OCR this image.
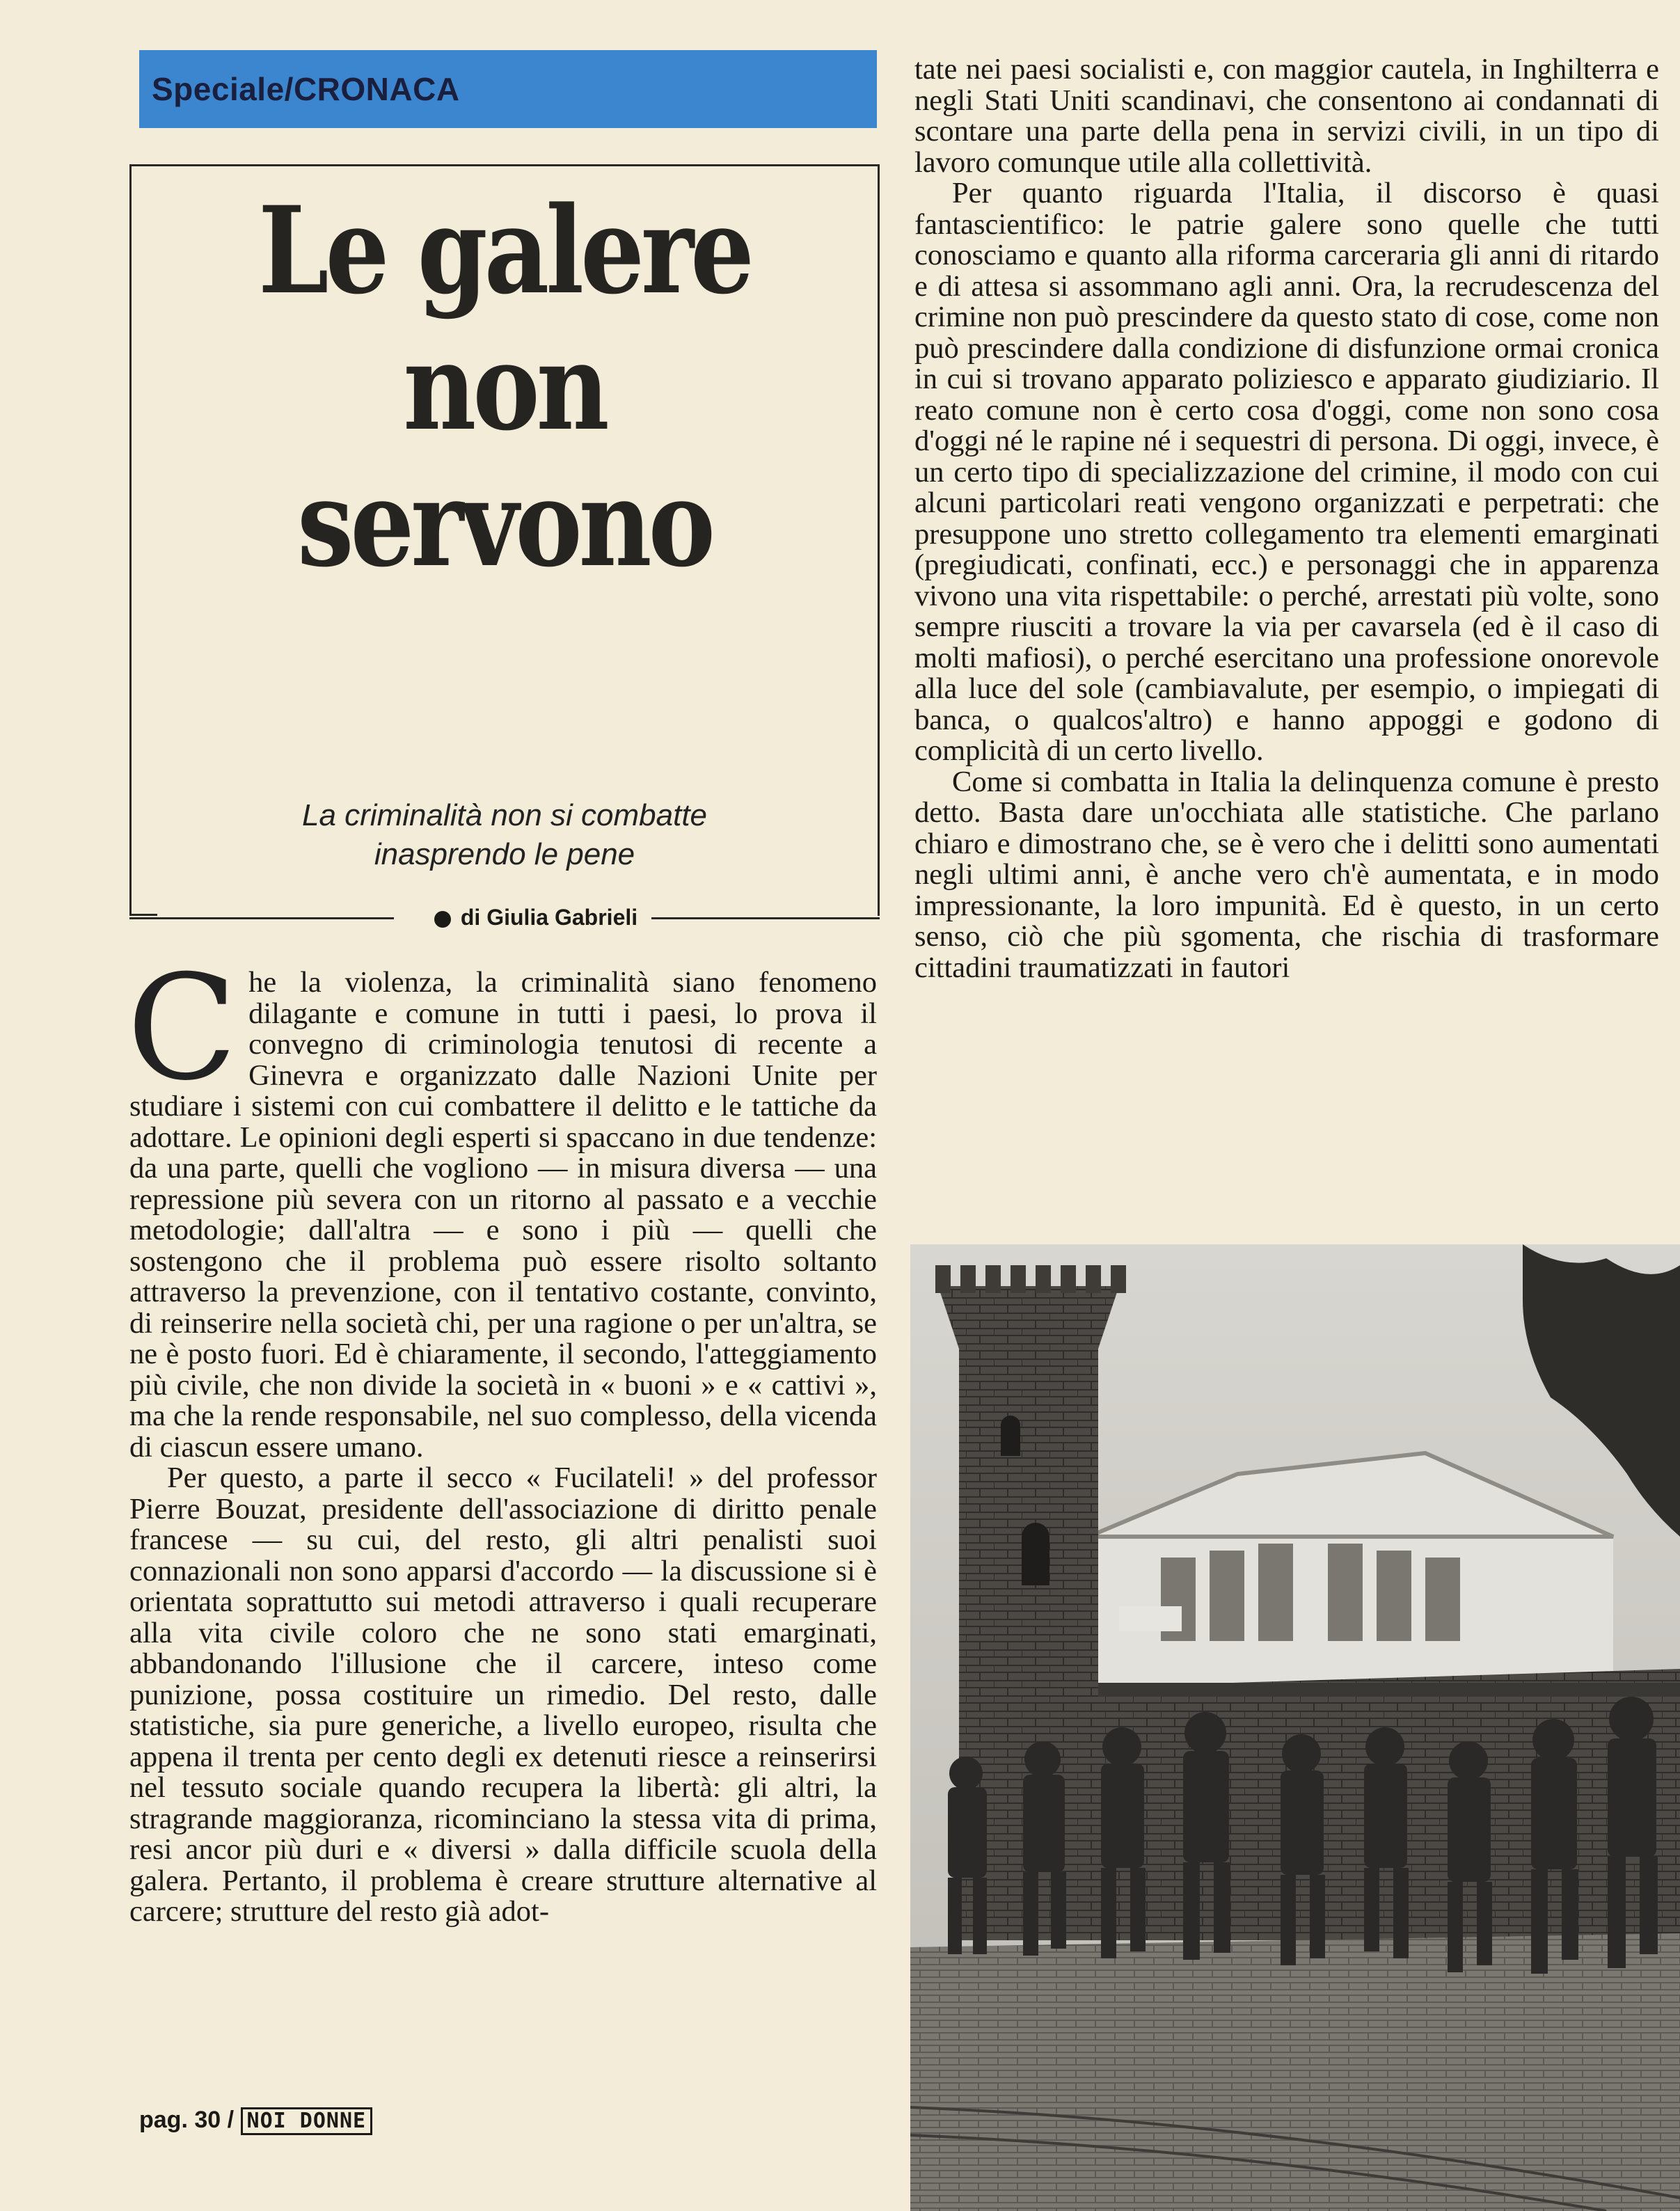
Speciale/CRONACA
Le galere
non
servono
La criminalità non si combatte
inasprendo le pene
di Giulia Gabrieli

Che la violenza, la criminalità siano fenomeno dilagante e comune in tutti i paesi, lo prova il convegno di criminologia tenutosi di recente a Ginevra e organizzato dalle Nazioni Unite per studiare i sistemi con cui combattere il delitto e le tattiche da adottare. Le opinioni degli esperti si spaccano in due tendenze: da una parte, quelli che vogliono — in misura diversa — una repressione più severa con un ritorno al passato e a vecchie metodologie; dall'altra — e sono i più — quelli che sostengono che il problema può essere risolto soltanto attraverso la prevenzione, con il tentativo costante, convinto, di reinserire nella società chi, per una ragione o per un'altra, se ne è posto fuori. Ed è chiaramente, il secondo, l'atteggiamento più civile, che non divide la società in « buoni » e « cattivi », ma che la rende responsabile, nel suo complesso, della vicenda di ciascun essere umano.

Per questo, a parte il secco « Fucilateli! » del professor Pierre Bouzat, presidente dell'associazione di diritto penale francese — su cui, del resto, gli altri penalisti suoi connazionali non sono apparsi d'accordo — la discussione si è orientata soprattutto sui metodi attraverso i quali recuperare alla vita civile coloro che ne sono stati emarginati, abbandonando l'illusione che il carcere, inteso come punizione, possa costituire un rimedio. Del resto, dalle statistiche, sia pure generiche, a livello europeo, risulta che appena il trenta per cento degli ex detenuti riesce a reinserirsi nel tessuto sociale quando recupera la libertà: gli altri, la stragrande maggioranza, ricominciano la stessa vita di prima, resi ancor più duri e « diversi » dalla difficile scuola della galera. Pertanto, il problema è creare strutture alternative al carcere; strutture del resto già adot-

tate nei paesi socialisti e, con maggior cautela, in Inghilterra e negli Stati Uniti scandinavi, che consentono ai condannati di scontare una parte della pena in servizi civili, in un tipo di lavoro comunque utile alla collettività.

Per quanto riguarda l'Italia, il discorso è quasi fantascientifico: le patrie galere sono quelle che tutti conosciamo e quanto alla riforma carceraria gli anni di ritardo e di attesa si assommano agli anni. Ora, la recrudescenza del crimine non può prescindere da questo stato di cose, come non può prescindere dalla condizione di disfunzione ormai cronica in cui si trovano apparato poliziesco e apparato giudiziario. Il reato comune non è certo cosa d'oggi, come non sono cosa d'oggi né le rapine né i sequestri di persona. Di oggi, invece, è un certo tipo di specializzazione del crimine, il modo con cui alcuni particolari reati vengono organizzati e perpetrati: che presuppone uno stretto collegamento tra elementi emarginati (pregiudicati, confinati, ecc.) e personaggi che in apparenza vivono una vita rispettabile: o perché, arrestati più volte, sono sempre riusciti a trovare la via per cavarsela (ed è il caso di molti mafiosi), o perché esercitano una professione onorevole alla luce del sole (cambiavalute, per esempio, o impiegati di banca, o qualcos'altro) e hanno appoggi e godono di complicità di un certo livello.

Come si combatta in Italia la delinquenza comune è presto detto. Basta dare un'occhiata alle statistiche. Che parlano chiaro e dimostrano che, se è vero che i delitti sono aumentati negli ultimi anni, è anche vero ch'è aumentata, e in modo impressionante, la loro impunità. Ed è questo, in un certo senso, ciò che più sgomenta, che rischia di trasformare cittadini traumatizzati in fautori

pag. 30 / NOI DONNE
